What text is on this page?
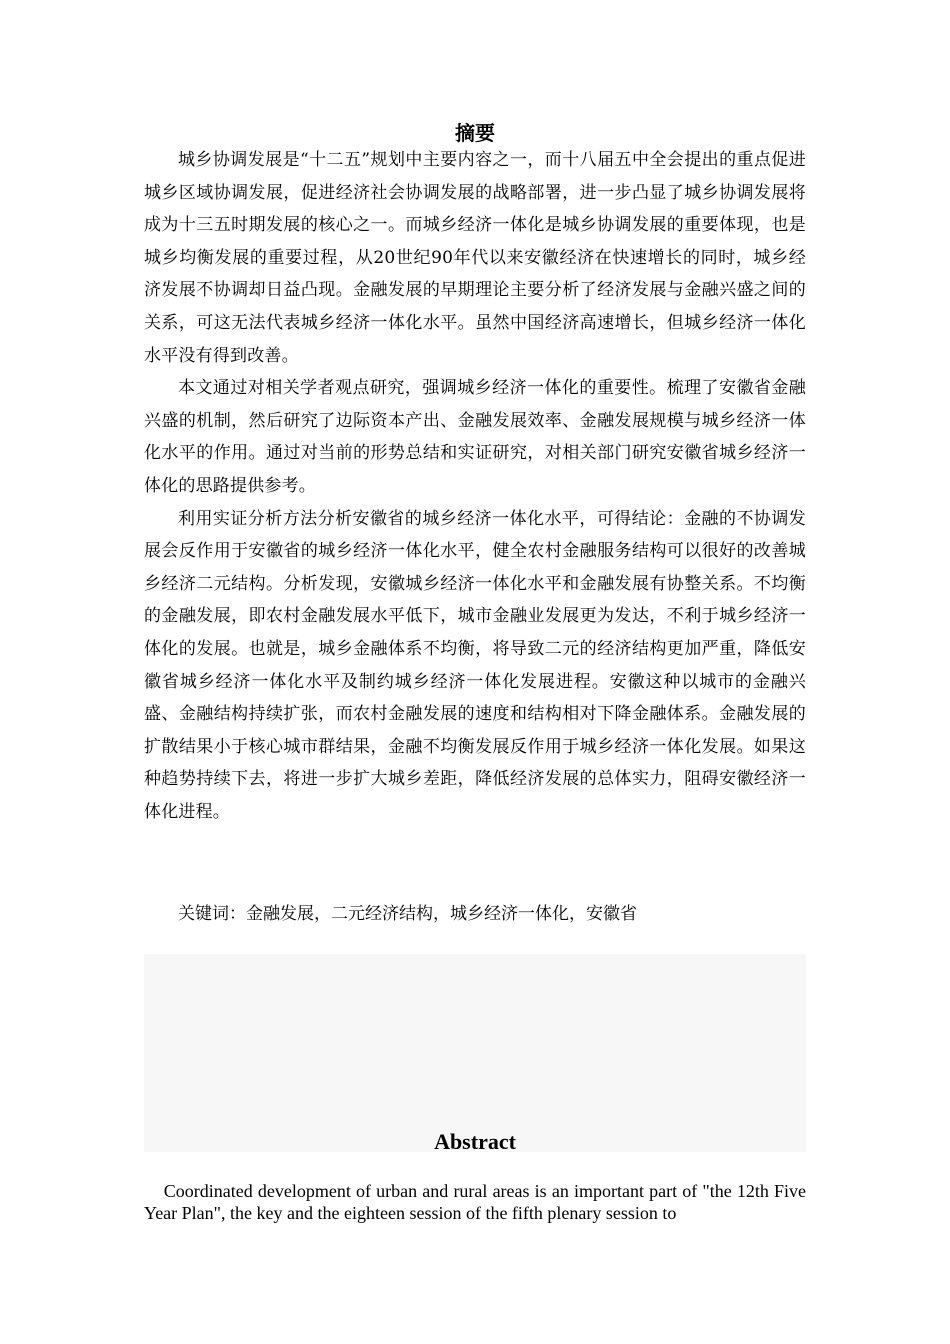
摘要

城乡协调发展是“十二五”规划中主要内容之一，而十八届五中全会提出的重点促进城乡区域协调发展，促进经济社会协调发展的战略部署，进一步凸显了城乡协调发展将成为十三五时期发展的核心之一。而城乡经济一体化是城乡协调发展的重要体现，也是城乡均衡发展的重要过程，从20世纪90年代以来安徽经济在快速增长的同时，城乡经济发展不协调却日益凸现。金融发展的早期理论主要分析了经济发展与金融兴盛之间的关系，可这无法代表城乡经济一体化水平。虽然中国经济高速增长，但城乡经济一体化水平没有得到改善。

本文通过对相关学者观点研究，强调城乡经济一体化的重要性。梳理了安徽省金融兴盛的机制，然后研究了边际资本产出、金融发展效率、金融发展规模与城乡经济一体化水平的作用。通过对当前的形势总结和实证研究，对相关部门研究安徽省城乡经济一体化的思路提供参考。

利用实证分析方法分析安徽省的城乡经济一体化水平，可得结论：金融的不协调发展会反作用于安徽省的城乡经济一体化水平，健全农村金融服务结构可以很好的改善城乡经济二元结构。分析发现，安徽城乡经济一体化水平和金融发展有协整关系。不均衡的金融发展，即农村金融发展水平低下，城市金融业发展更为发达，不利于城乡经济一体化的发展。也就是，城乡金融体系不均衡，将导致二元的经济结构更加严重，降低安徽省城乡经济一体化水平及制约城乡经济一体化发展进程。安徽这种以城市的金融兴盛、金融结构持续扩张，而农村金融发展的速度和结构相对下降金融体系。金融发展的扩散结果小于核心城市群结果，金融不均衡发展反作用于城乡经济一体化发展。如果这种趋势持续下去，将进一步扩大城乡差距，降低经济发展的总体实力，阻碍安徽经济一体化进程。

关键词：金融发展，二元经济结构，城乡经济一体化，安徽省

Abstract

Coordinated development of urban and rural areas is an important part of "the 12th Five Year Plan", the key and the eighteen session of the fifth plenary session to
